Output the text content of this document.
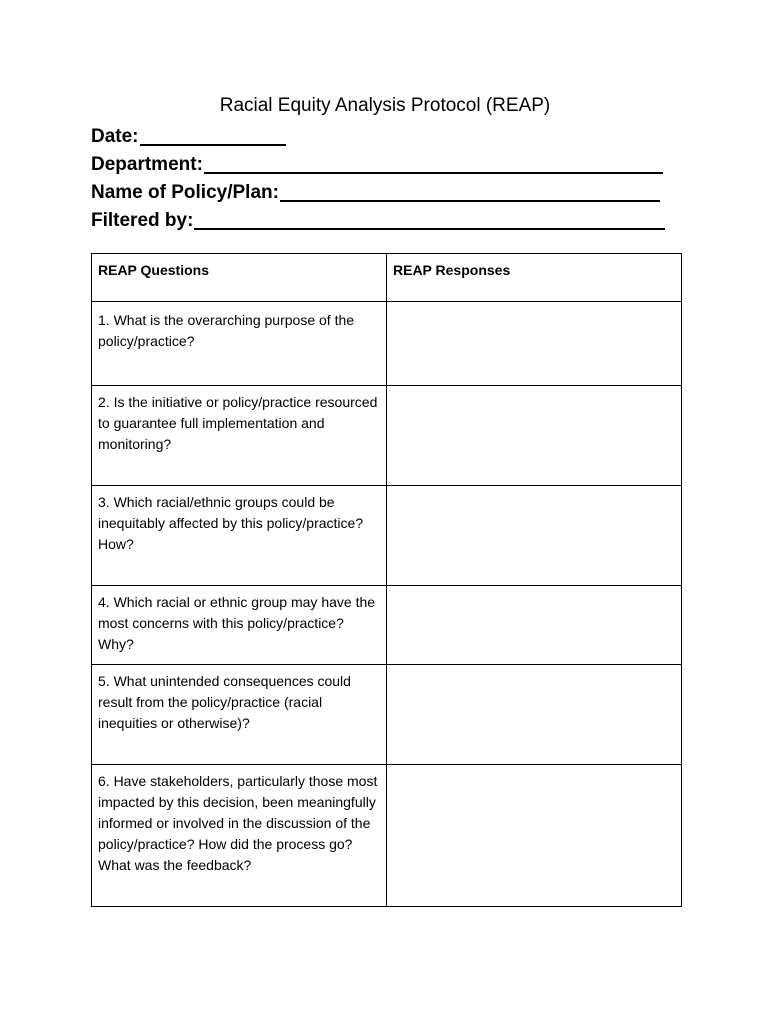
Racial Equity Analysis Protocol (REAP)
Date:
Department:
Name of Policy/Plan:
Filtered by:
REAP Questions	REAP Responses
1. What is the overarching purpose of the policy/practice?	
2. Is the initiative or policy/practice resourced to guarantee full implementation and monitoring?	
3. Which racial/ethnic groups could be inequitably affected by this policy/practice? How?	
4. Which racial or ethnic group may have the most concerns with this policy/practice? Why?	
5. What unintended consequences could result from the policy/practice (racial inequities or otherwise)?	
6. Have stakeholders, particularly those most impacted by this decision, been meaningfully informed or involved in the discussion of the policy/practice? How did the process go? What was the feedback?	
